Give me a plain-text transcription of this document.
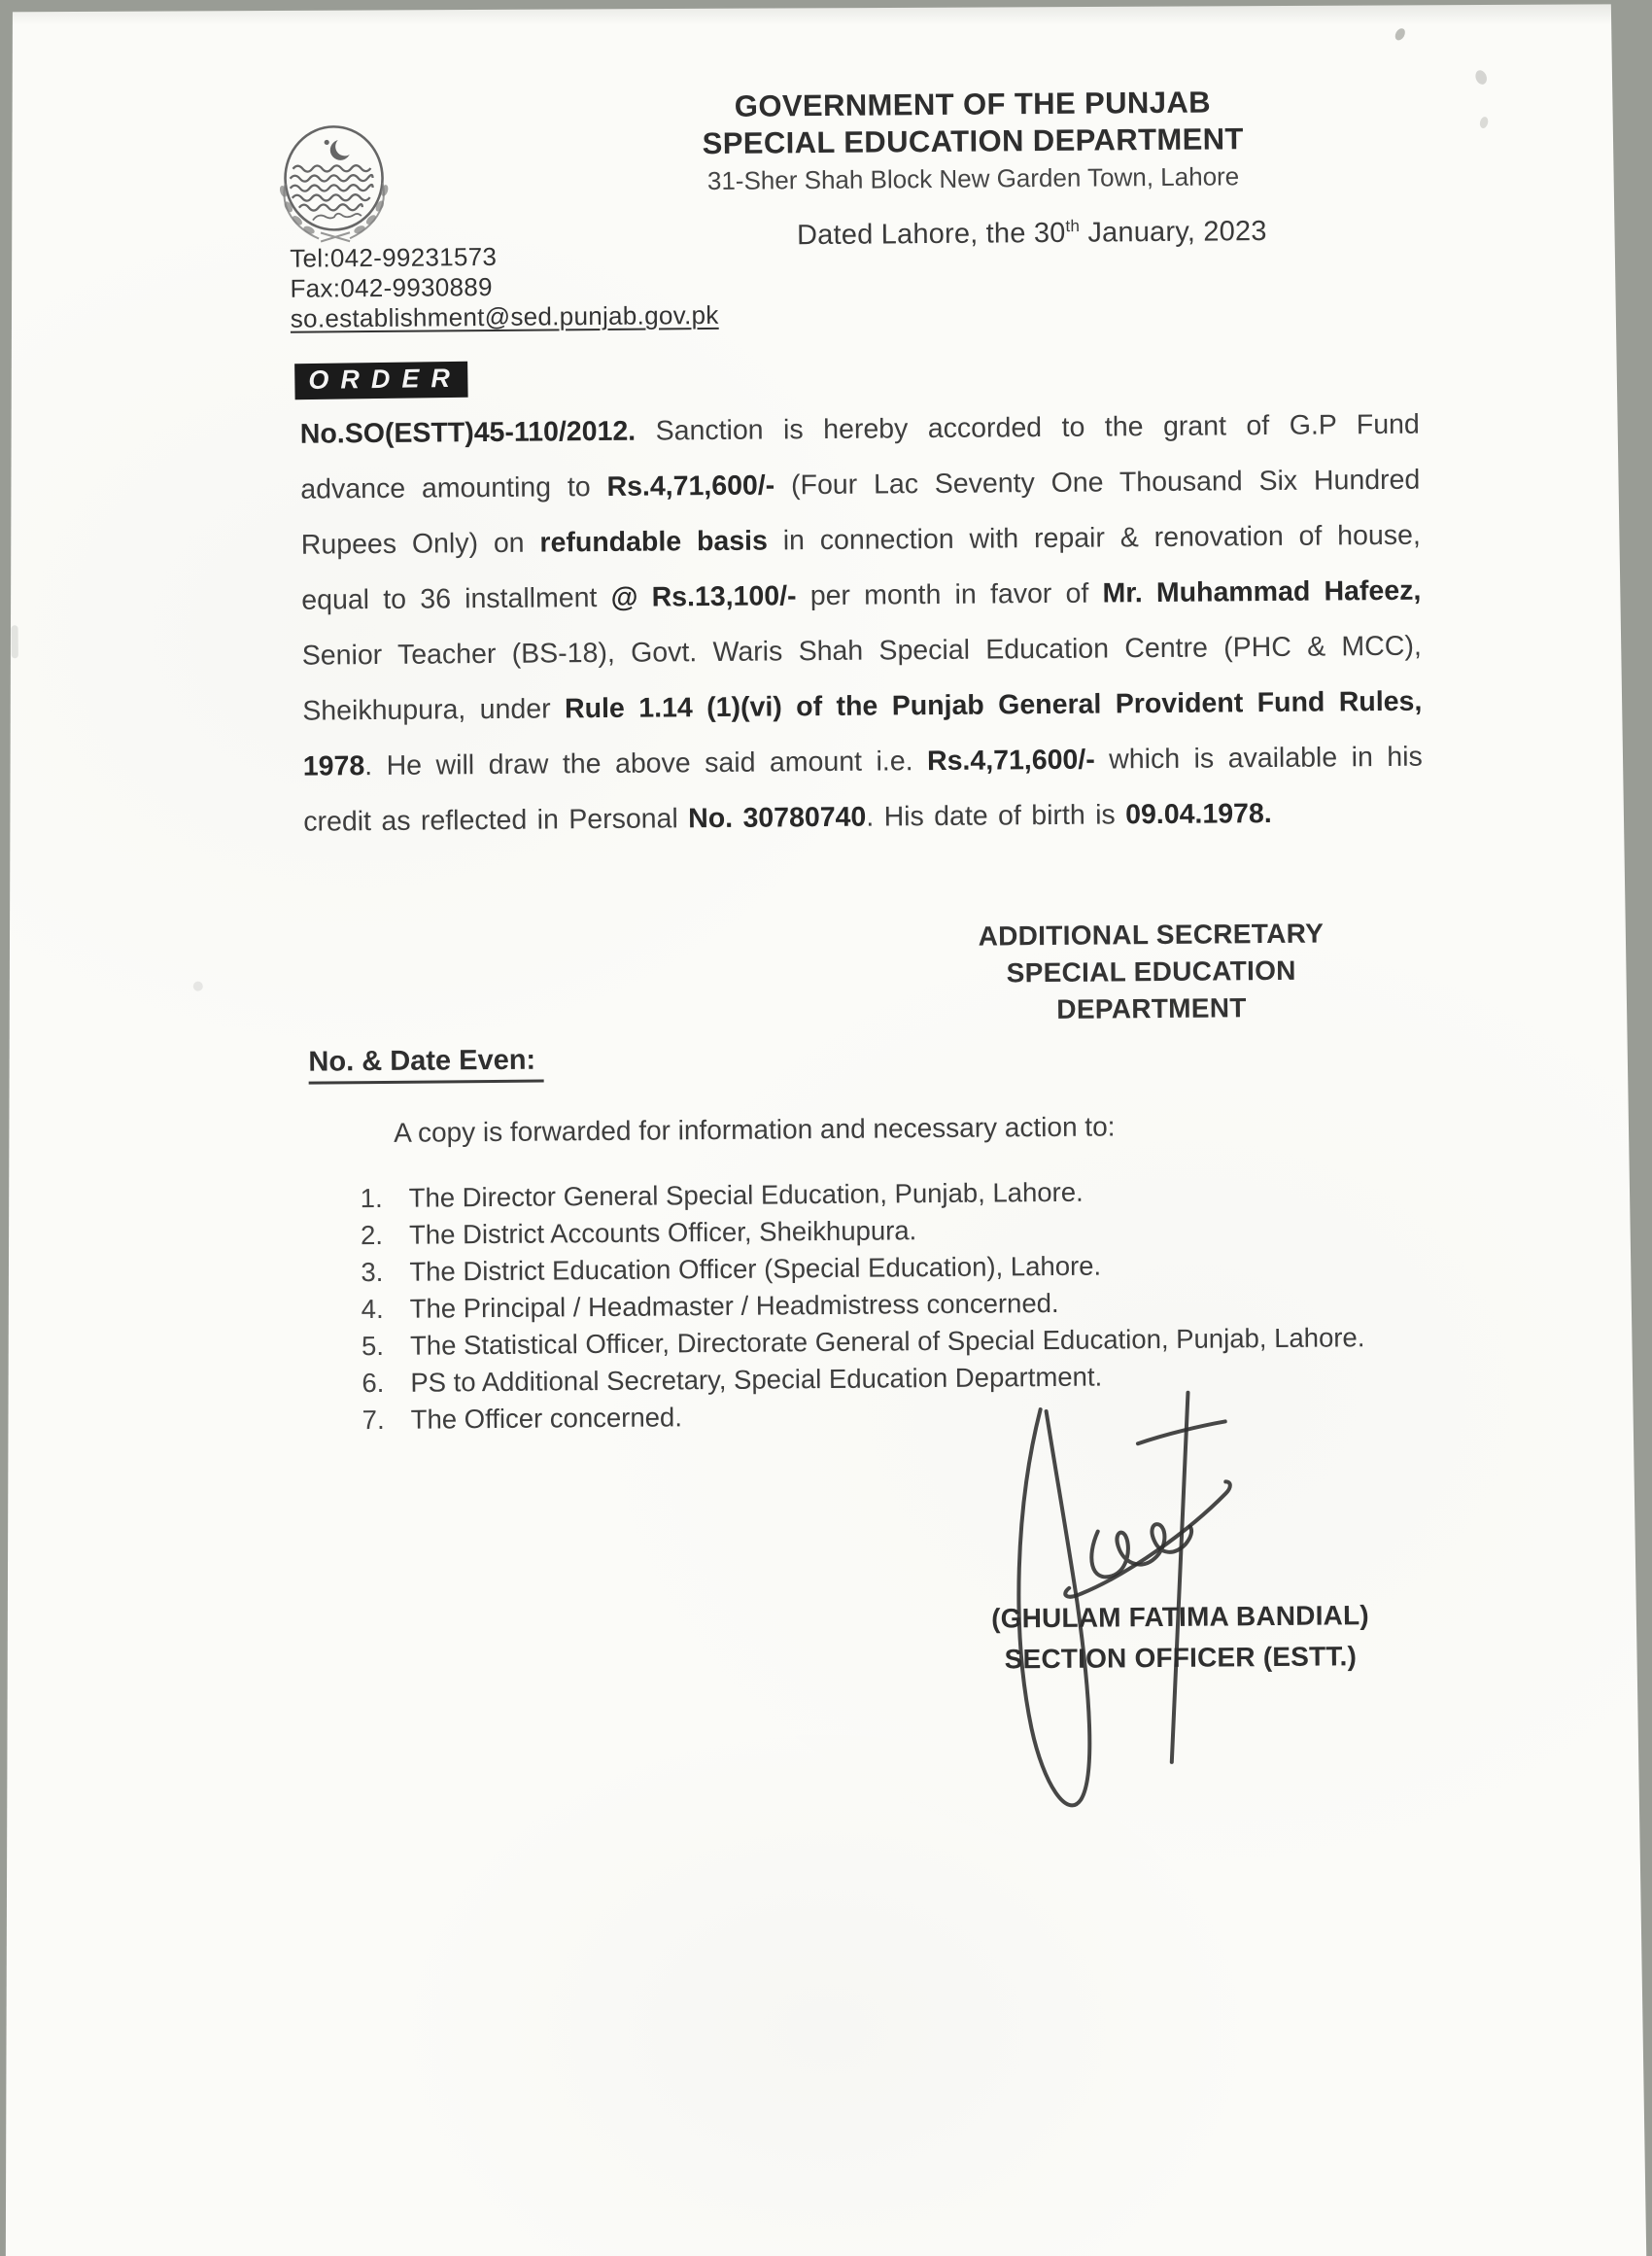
Tel:042-99231573
Fax:042-9930889
so.establishment@sed.punjab.gov.pk
GOVERNMENT OF THE PUNJAB
SPECIAL EDUCATION DEPARTMENT
31-Sher Shah Block New Garden Town, Lahore
Dated Lahore, the 30th January, 2023
ORDER

No.SO(ESTT)45-110/2012. Sanction is hereby accorded to the grant of G.P Fund advance amounting to Rs.4,71,600/- (Four Lac Seventy One Thousand Six Hundred Rupees Only) on refundable basis in connection with repair & renovation of house, equal to 36 installment @ Rs.13,100/- per month in favor of Mr. Muhammad Hafeez, Senior Teacher (BS-18), Govt. Waris Shah Special Education Centre (PHC & MCC), Sheikhupura, under Rule 1.14 (1)(vi) of the Punjab General Provident Fund Rules, 1978. He will draw the above said amount i.e. Rs.4,71,600/- which is available in his credit as reflected in Personal No. 30780740. His date of birth is 09.04.1978.

ADDITIONAL SECRETARY
SPECIAL EDUCATION
DEPARTMENT
No. & Date Even:
A copy is forwarded for information and necessary action to:
The Director General Special Education, Punjab, Lahore.
The District Accounts Officer, Sheikhupura.
The District Education Officer (Special Education), Lahore.
The Principal / Headmaster / Headmistress concerned.
The Statistical Officer, Directorate General of Special Education, Punjab, Lahore.
PS to Additional Secretary, Special Education Department.
The Officer concerned.
(GHULAM FATIMA BANDIAL)
SECTION OFFICER (ESTT.)
